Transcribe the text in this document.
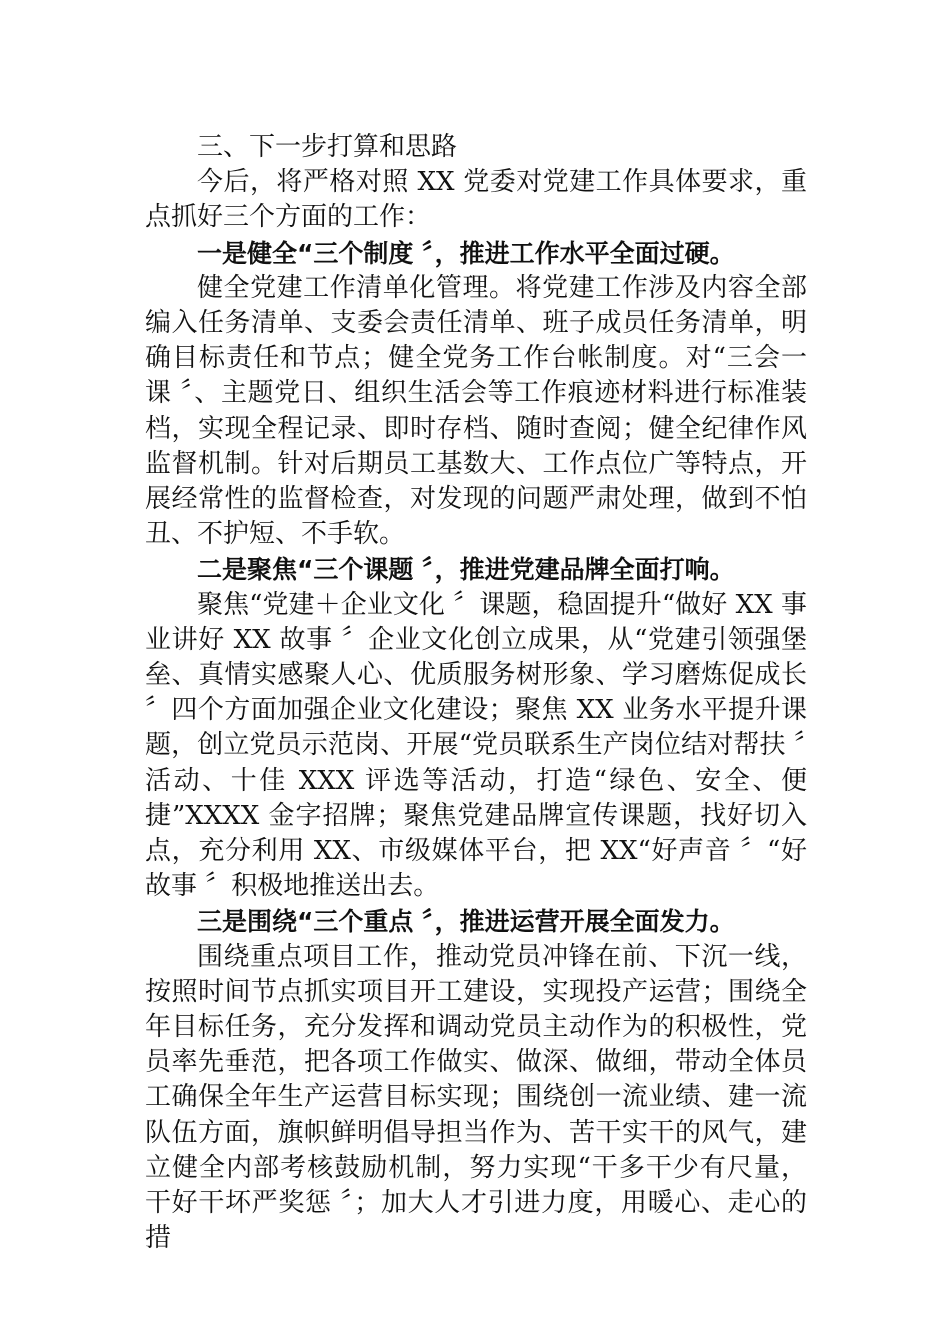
三、下一步打算和思路

今后，将严格对照 XX 党委对党建工作具体要求，重点抓好三个方面的工作：

一是健全“三个制度 〞，推进工作水平全面过硬。

健全党建工作清单化管理。将党建工作涉及内容全部编入任务清单、支委会责任清单、班子成员任务清单，明确目标责任和节点；健全党务工作台帐制度。对“三会一课 〞、主题党日、组织生活会等工作痕迹材料进行标准装档，实现全程记录、即时存档、随时查阅；健全纪律作风监督机制。针对后期员工基数大、工作点位广等特点，开展经常性的监督检查，对发现的问题严肃处理，做到不怕丑、不护短、不手软。

二是聚焦“三个课题 〞，推进党建品牌全面打响。

聚焦“党建＋企业文化 〞课题，稳固提升“做好 XX 事业讲好 XX 故事 〞企业文化创立成果，从“党建引领强堡垒、真情实感聚人心、优质服务树形象、学习磨炼促成长 〞四个方面加强企业文化建设；聚焦 XX 业务水平提升课题，创立党员示范岗、开展“党员联系生产岗位结对帮扶 〞活动、十佳 XXX 评选等活动，打造“绿色、安全、便捷”XXXX 金字招牌；聚焦党建品牌宣传课题，找好切入点，充分利用 XX、市级媒体平台，把 XX“好声音 〞“好故事 〞积极地推送出去。

三是围绕“三个重点 〞，推进运营开展全面发力。

围绕重点项目工作，推动党员冲锋在前、下沉一线，按照时间节点抓实项目开工建设，实现投产运营；围绕全年目标任务，充分发挥和调动党员主动作为的积极性，党员率先垂范，把各项工作做实、做深、做细，带动全体员工确保全年生产运营目标实现；围绕创一流业绩、建一流队伍方面，旗帜鲜明倡导担当作为、苦干实干的风气，建立健全内部考核鼓励机制，努力实现“干多干少有尺量，干好干坏严奖惩 〞；加大人才引进力度，用暖心、走心的措
